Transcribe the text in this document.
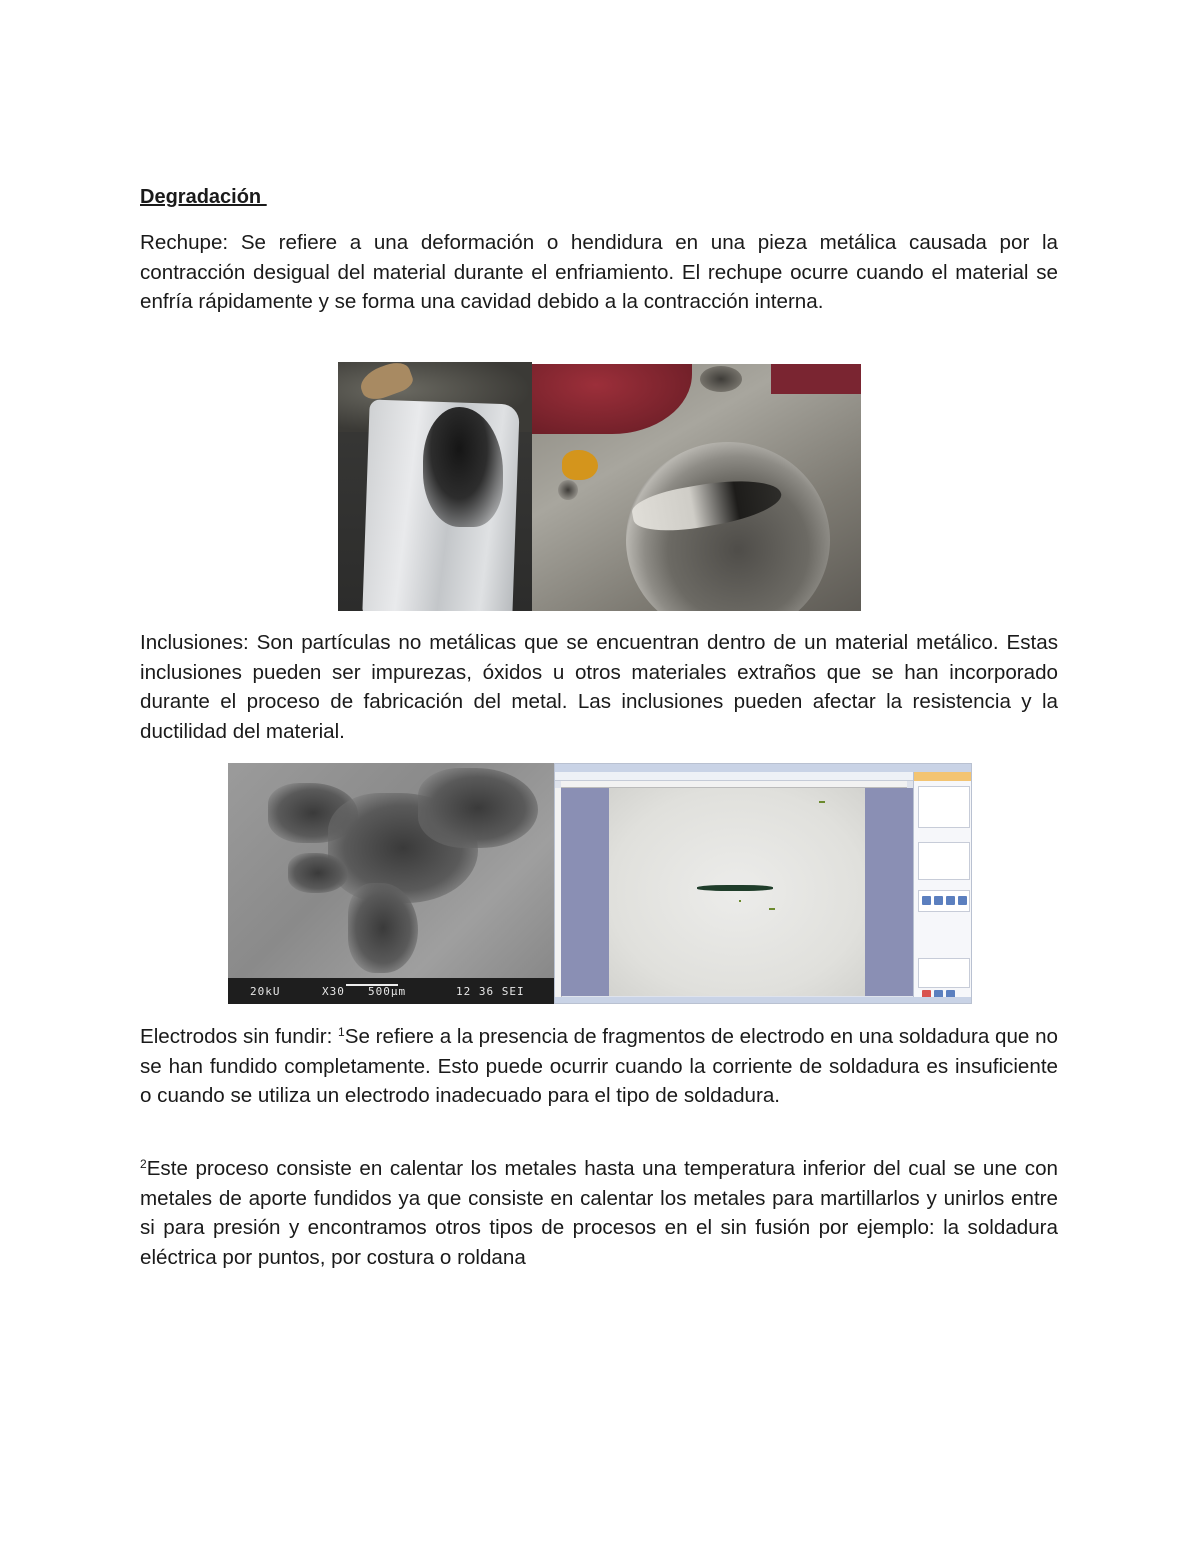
Degradación

Rechupe: Se refiere a una deformación o hendidura en una pieza metálica causada por la contracción desigual del material durante el enfriamiento. El rechupe ocurre cuando el material se enfría rápidamente y se forma una cavidad debido a la contracción interna.

Inclusiones: Son partículas no metálicas que se encuentran dentro de un material metálico. Estas inclusiones pueden ser impurezas, óxidos u otros materiales extraños que se han incorporado durante el proceso de fabricación del metal. Las inclusiones pueden afectar la resistencia y la ductilidad del material.

Electrodos sin fundir: $^1$Se refiere a la presencia de fragmentos de electrodo en una soldadura que no se han fundido completamente. Esto puede ocurrir cuando la corriente de soldadura es insuficiente o cuando se utiliza un electrodo inadecuado para el tipo de soldadura.

$^2$Este proceso consiste en calentar los metales hasta una temperatura inferior del cual se une con metales de aporte fundidos ya que consiste en calentar los metales para martillarlos y unirlos entre si para presión y encontramos otros tipos de procesos en el sin fusión por ejemplo: la soldadura eléctrica por puntos, por costura o roldana

20kU	X30 500μm	12 36 SEI
